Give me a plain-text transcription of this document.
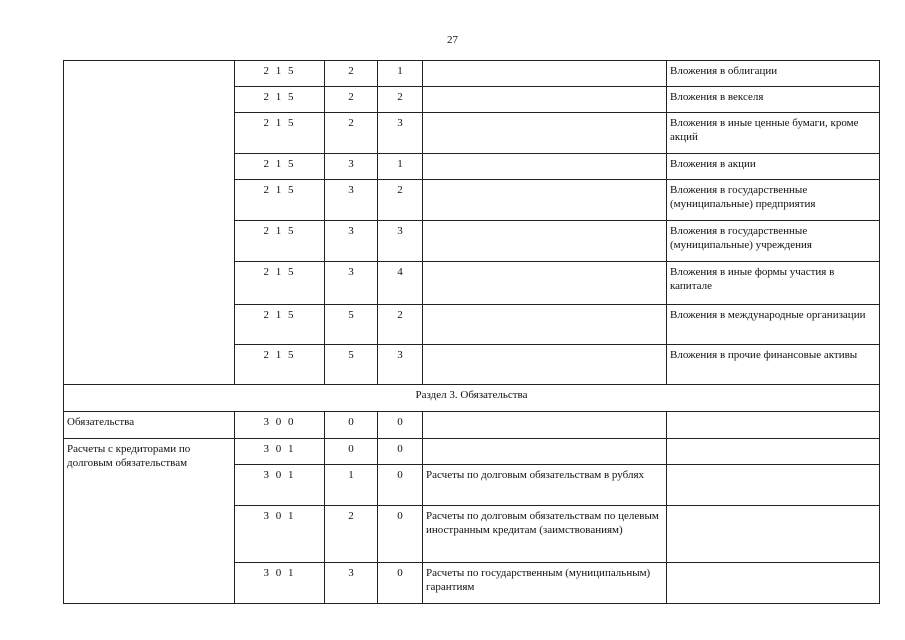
27
	2 1 5	2	1		Вложения в облигации
	2 1 5	2	2		Вложения в векселя
	2 1 5	2	3		Вложения в иные ценные бумаги, кроме акций
	2 1 5	3	1		Вложения в акции
	2 1 5	3	2		Вложения в государственные (муниципальные) предприятия
	2 1 5	3	3		Вложения в государственные (муниципальные) учреждения
	2 1 5	3	4		Вложения в иные формы участия в капитале
	2 1 5	5	2		Вложения в международные организации
	2 1 5	5	3		Вложения в прочие финансовые активы
Раздел 3. Обязательства					
Обязательства	3 0 0	0	0		
Расчеты с кредиторами по долговым обязательствам	3 0 1	0	0		
	3 0 1	1	0	Расчеты по долговым обязательствам в рублях	
	3 0 1	2	0	Расчеты по долговым обязательствам по целевым иностранным кредитам (заимствованиям)	
	3 0 1	3	0	Расчеты по государственным (муниципальным) гарантиям	
